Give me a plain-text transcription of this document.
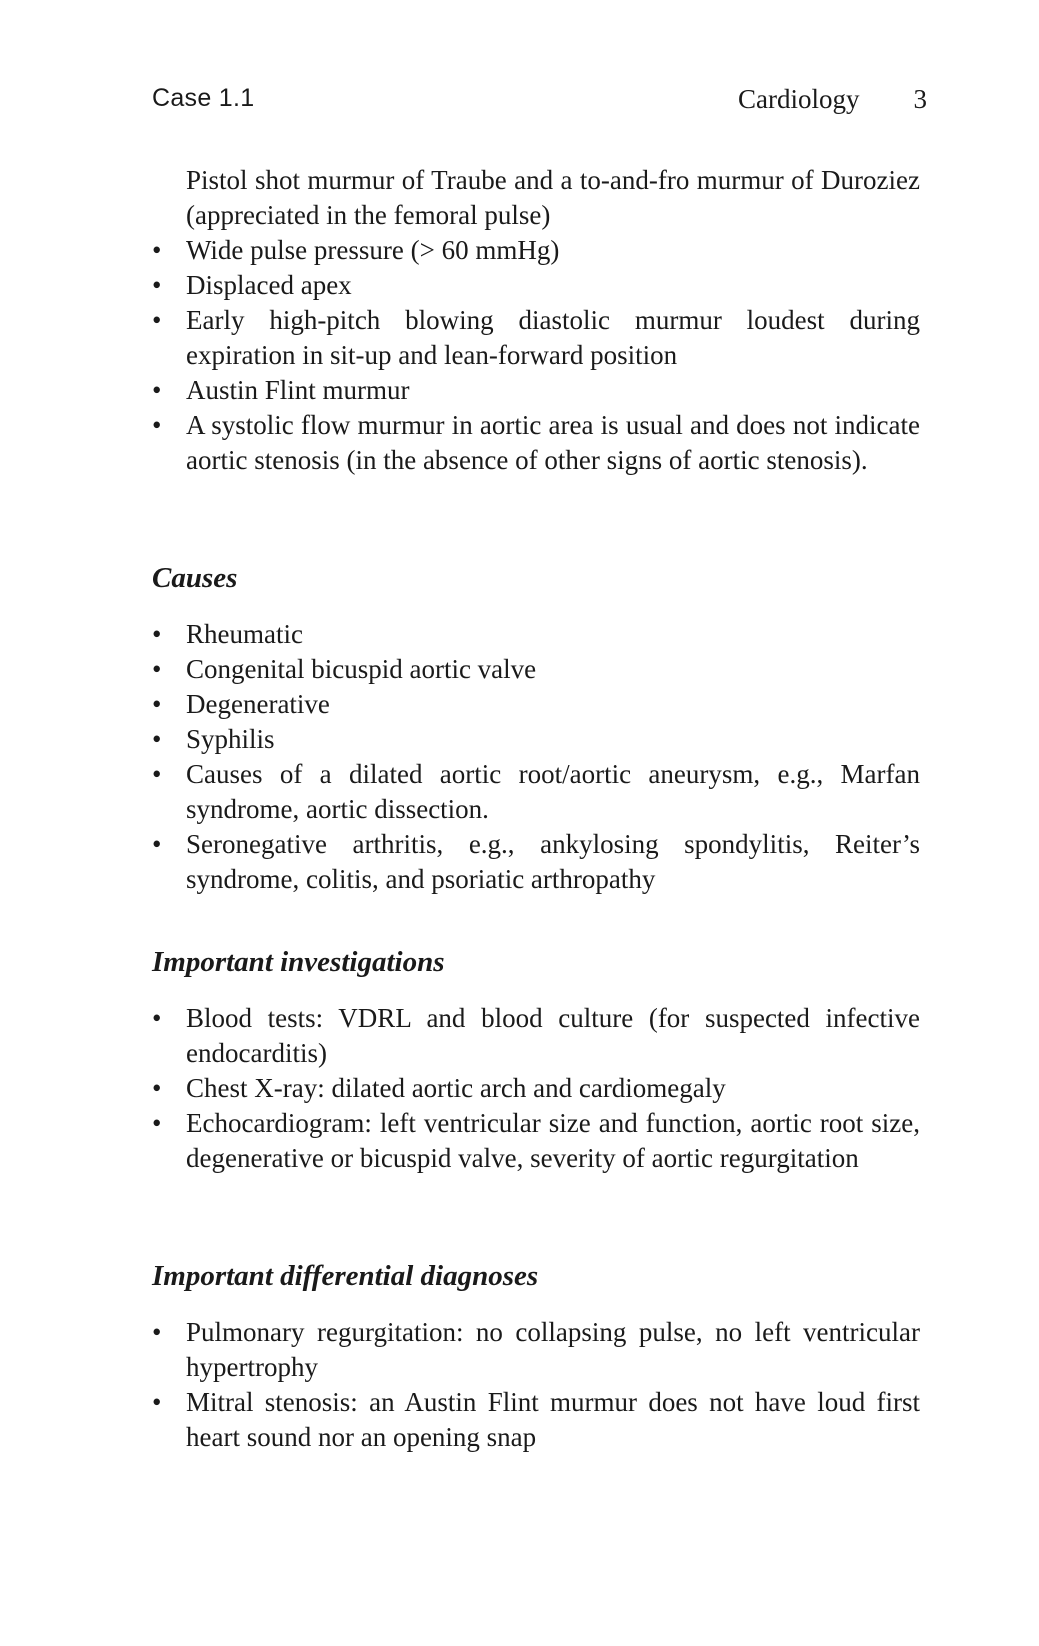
Case 1.1	Cardiology 3

Pistol shot murmur of Traube and a to-and-fro murmur of Duroziez (appreciated in the femoral pulse)

• Wide pulse pressure (> 60 mmHg)
• Displaced apex
• Early high-pitch blowing diastolic murmur loudest during expiration in sit-up and lean-forward position
• Austin Flint murmur
• A systolic flow murmur in aortic area is usual and does not indicate aortic stenosis (in the absence of other signs of aortic stenosis).
Causes
• Rheumatic
• Congenital bicuspid aortic valve
• Degenerative
• Syphilis
• Causes of a dilated aortic root/aortic aneurysm, e.g., Marfan syndrome, aortic dissection.
• Seronegative arthritis, e.g., ankylosing spondylitis, Reiter’s syndrome, colitis, and psoriatic arthropathy
Important investigations
• Blood tests: VDRL and blood culture (for suspected infective endocarditis)
• Chest X-ray: dilated aortic arch and cardiomegaly
• Echocardiogram: left ventricular size and function, aortic root size, degenerative or bicuspid valve, severity of aortic regurgitation
Important differential diagnoses
• Pulmonary regurgitation: no collapsing pulse, no left ventricular hypertrophy
• Mitral stenosis: an Austin Flint murmur does not have loud first heart sound nor an opening snap
